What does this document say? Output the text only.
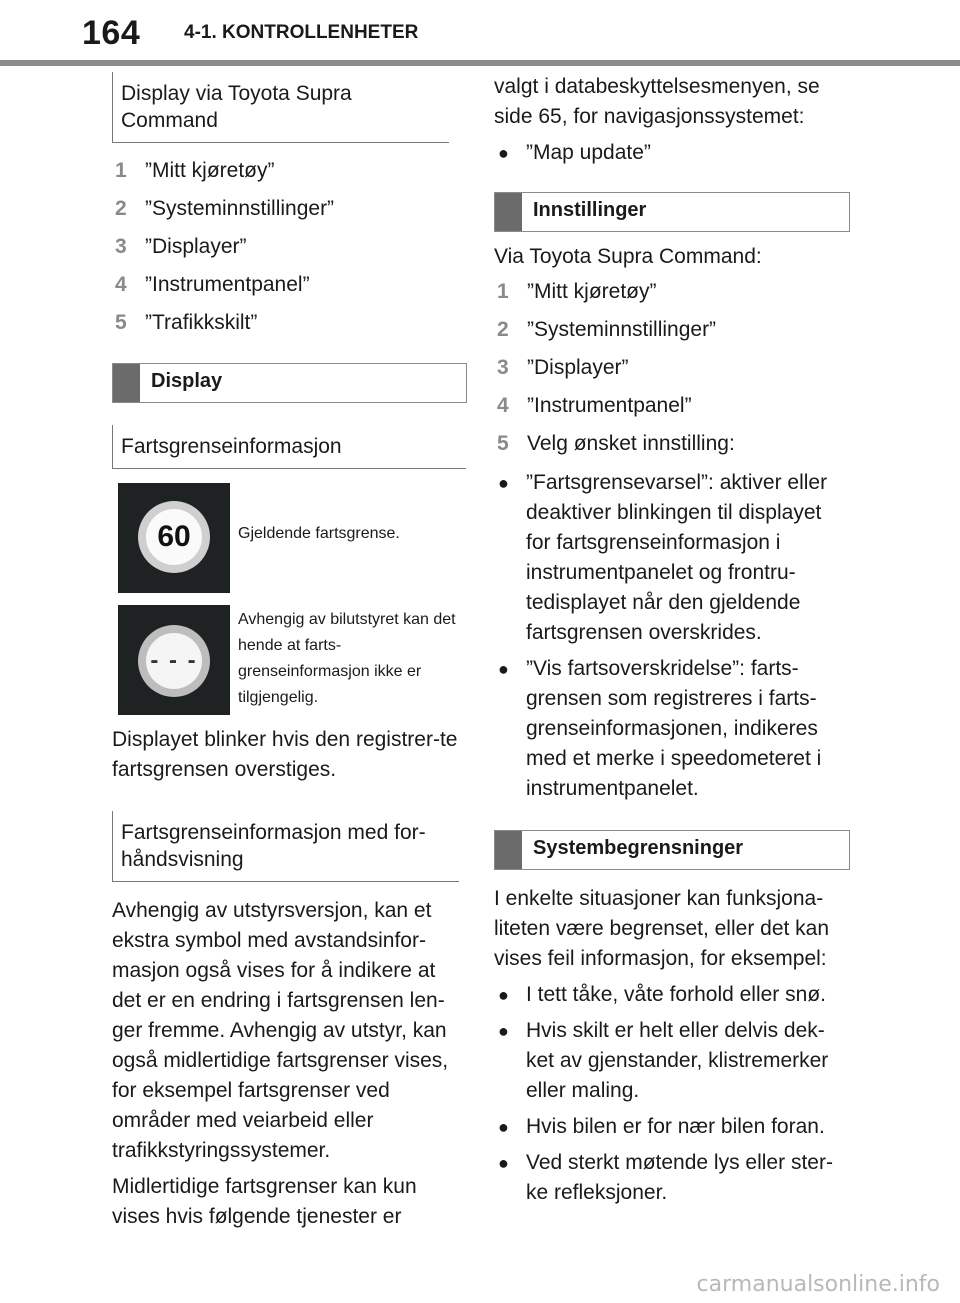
164 4-1. KONTROLLENHETER
Display via Toyota Supra Command
1 ”Mitt kjøretøy”
2 ”Systeminnstillinger”
3 ”Displayer”
4 ”Instrumentpanel”
5 ”Trafikkskilt”
Display
Fartsgrenseinformasjon
60	Gjeldende fartsgrense.
- - -
Avhengig av bilutstyret kan det hende at farts-grenseinformasjon ikke er tilgjengelig.
Displayet blinker hvis den registrer-te fartsgrensen overstiges.
Fartsgrenseinformasjon med for-håndsvisning
Avhengig av utstyrsversjon, kan et ekstra symbol med avstandsinfor-masjon også vises for å indikere at det er en endring i fartsgrensen len-ger fremme. Avhengig av utstyr, kan også midlertidige fartsgrenser vises, for eksempel fartsgrenser ved områder med veiarbeid eller trafikkstyringssystemer.
Midlertidige fartsgrenser kan kun vises hvis følgende tjenester er
valgt i databeskyttelsesmenyen, se side 65, for navigasjonssystemet:
● ”Map update”
Innstillinger
Via Toyota Supra Command:
1 ”Mitt kjøretøy”
2 ”Systeminnstillinger”
3 ”Displayer”
4 ”Instrumentpanel”
5 Velg ønsket innstilling:
● ”Fartsgrensevarsel”: aktiver eller deaktiver blinkingen til displayet for fartsgrenseinformasjon i instrumentpanelet og frontru-tedisplayet når den gjeldende fartsgrensen overskrides.
● ”Vis fartsoverskridelse”: farts-grensen som registreres i farts-grenseinformasjonen, indikeres med et merke i speedometeret i instrumentpanelet.
Systembegrensninger
I enkelte situasjoner kan funksjona-liteten være begrenset, eller det kan vises feil informasjon, for eksempel:
● I tett tåke, våte forhold eller snø.
● Hvis skilt er helt eller delvis dek-ket av gjenstander, klistremerker eller maling.
● Hvis bilen er for nær bilen foran.
● Ved sterkt møtende lys eller ster-ke refleksjoner.
carmanualsonline.info
